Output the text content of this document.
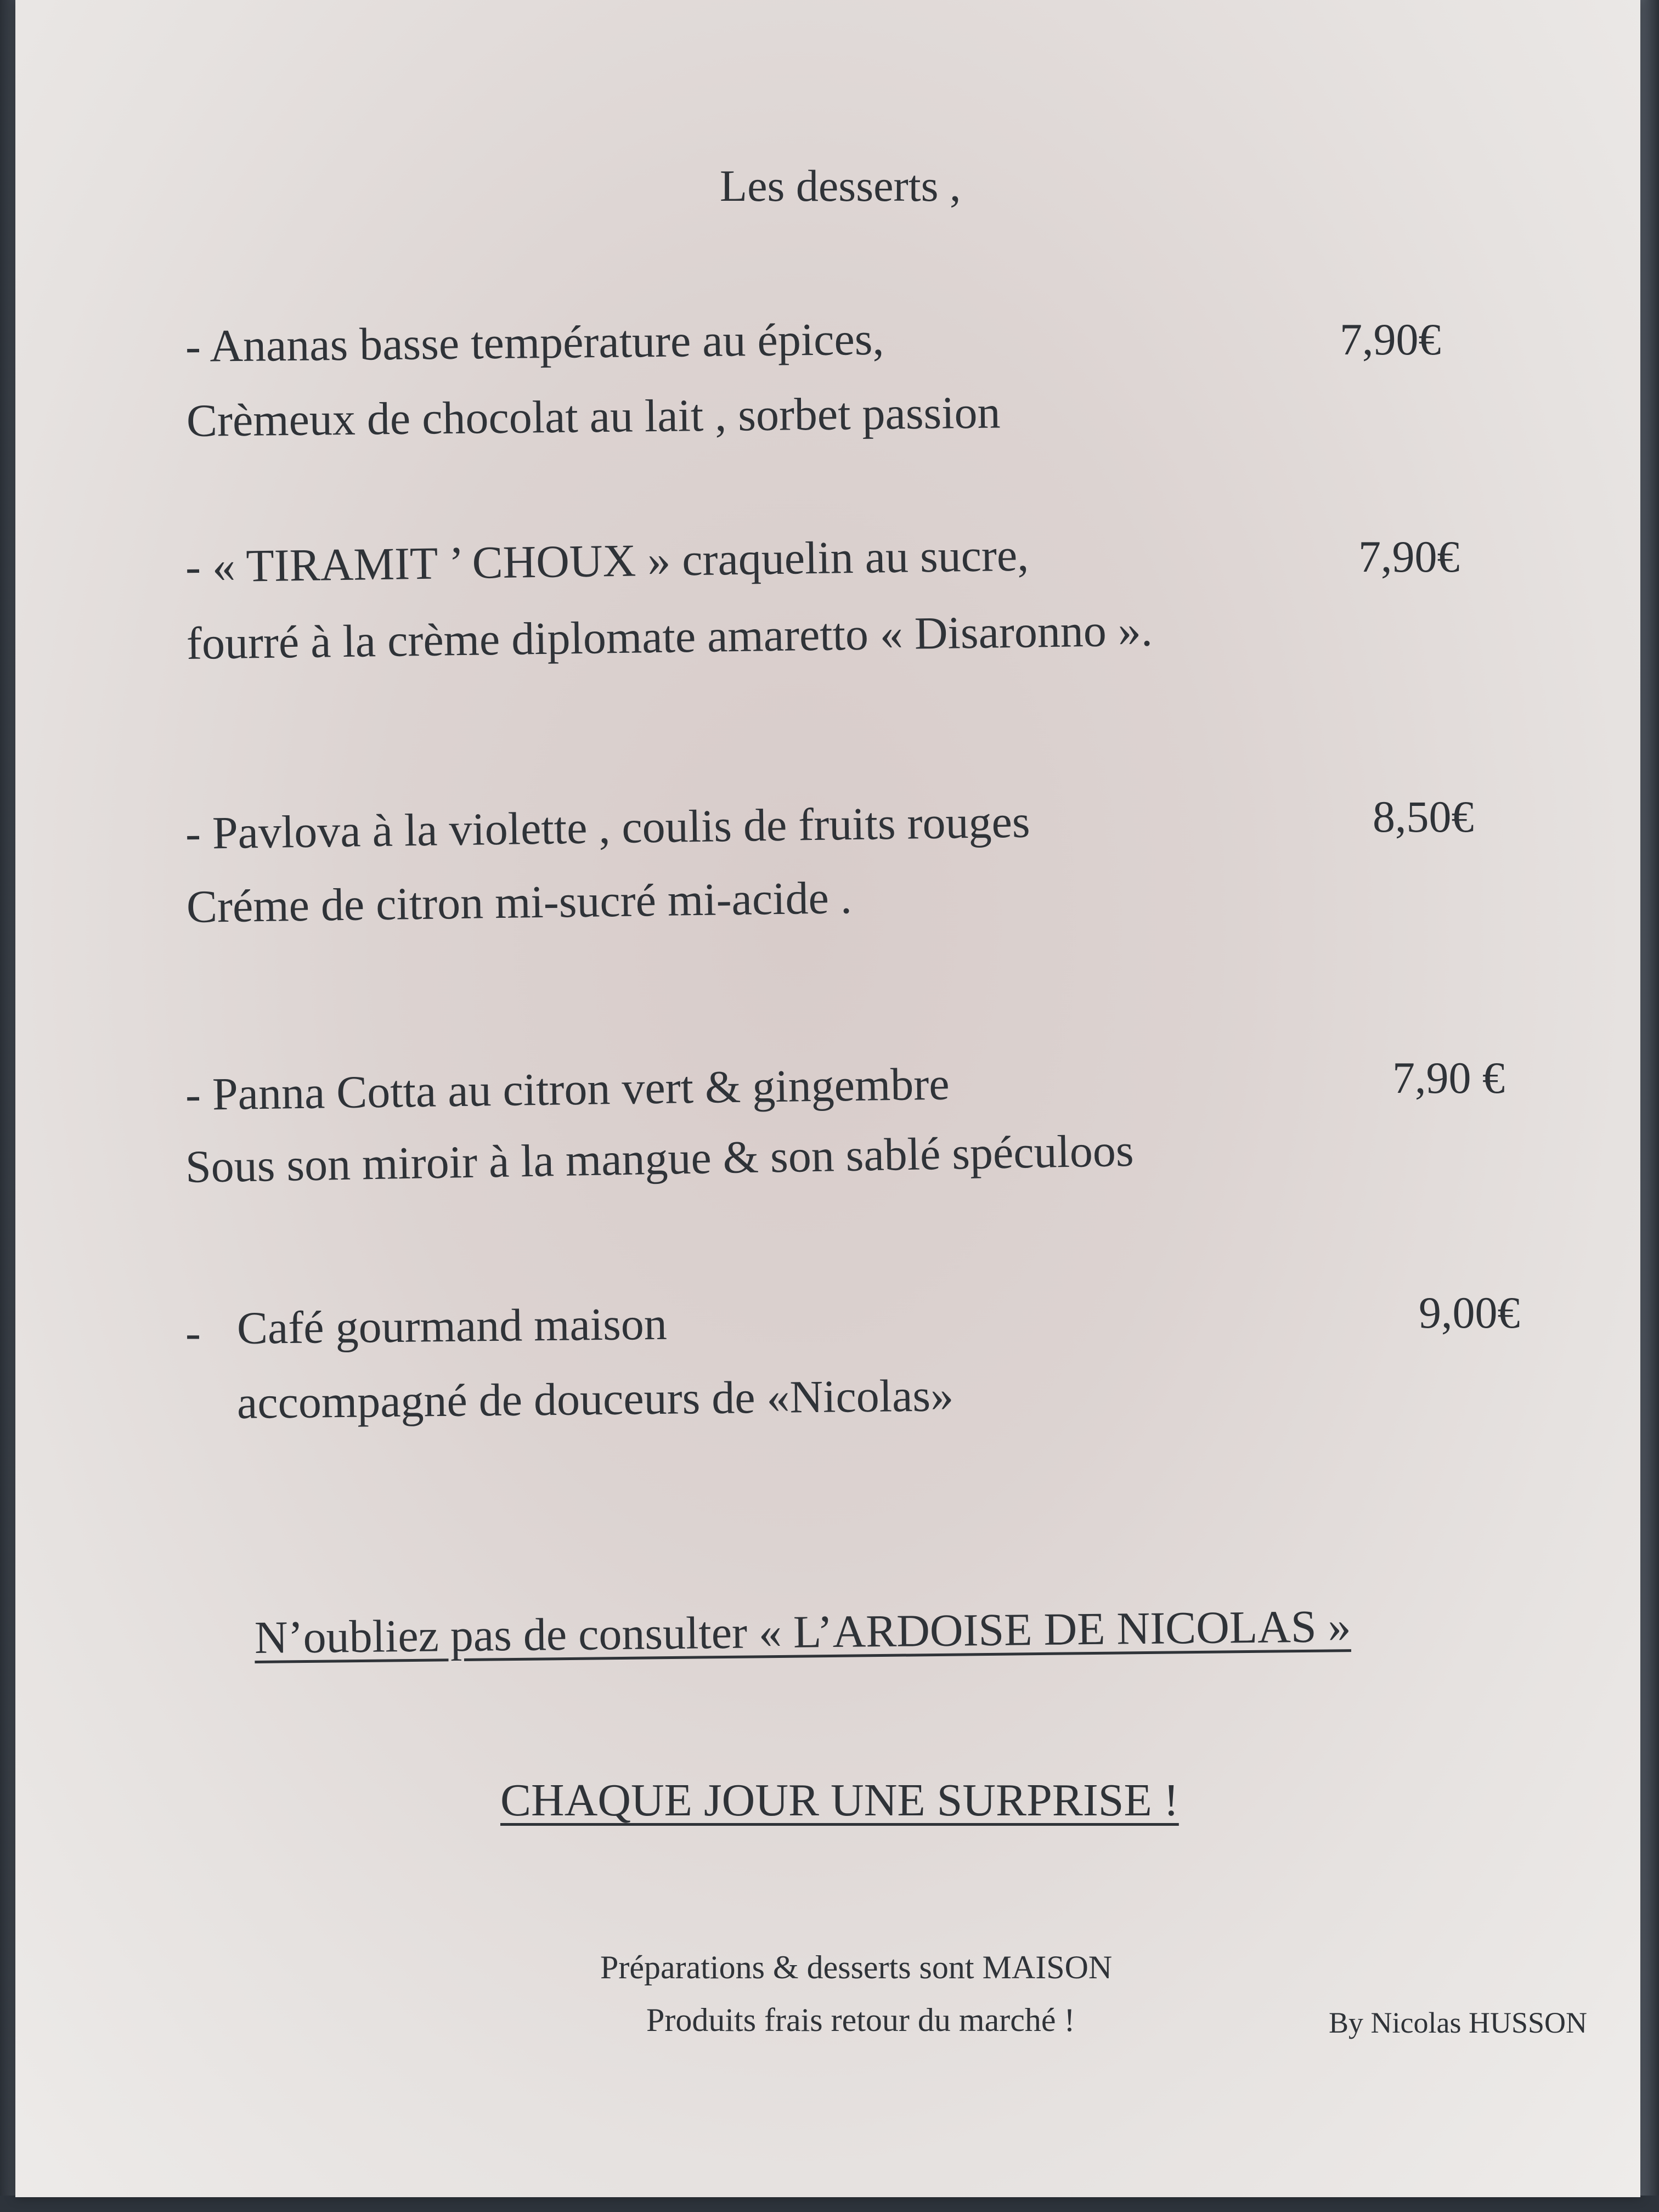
Les desserts ,
- Ananas basse température au épices,
Crèmeux de chocolat au lait , sorbet passion
7,90€
- « TIRAMIT ’ CHOUX » craquelin au sucre,
fourré à la crème diplomate amaretto « Disaronno ».
7,90€
- Pavlova à la violette , coulis de fruits rouges
Créme de citron mi-sucré mi-acide .
8,50€
- Panna Cotta au citron vert & gingembre
Sous son miroir à la mangue & son sablé spéculoos
7,90 €
- Café gourmand maison
accompagné de douceurs de «Nicolas»
9,00€
N’oubliez pas de consulter « L’ARDOISE DE NICOLAS »
CHAQUE JOUR UNE SURPRISE !
Préparations & desserts sont MAISON
Produits frais retour du marché !	By Nicolas HUSSON
